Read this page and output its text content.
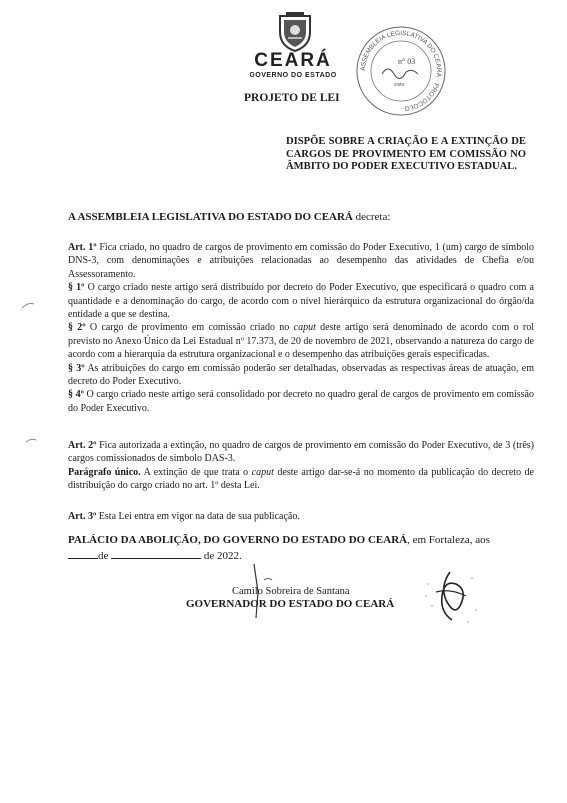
CEARÁ
GOVERNO DO ESTADO
PROJETO DE LEI
ASSEMBLEIA LEGISLATIVA DO CEARÁ · PROTOCOLO ·
n° 03
visto
DISPÕE SOBRE A CRIAÇÃO E A EXTINÇÃO DE CARGOS DE PROVIMENTO EM COMISSÃO NO ÂMBITO DO PODER EXECUTIVO ESTADUAL.
A ASSEMBLEIA LEGISLATIVA DO ESTADO DO CEARÁ decreta:

Art. 1º Fica criado, no quadro de cargos de provimento em comissão do Poder Executivo, 1 (um) cargo de símbolo DNS-3, com denominações e atribuições relacionadas ao desempenho das atividades de Chefia e/ou Assessoramento.

§ 1º O cargo criado neste artigo será distribuído por decreto do Poder Executivo, que especificará o quadro com a quantidade e a denominação do cargo, de acordo com o nível hierárquico da estrutura organizacional do órgão/da entidade a que se destina.

§ 2º O cargo de provimento em comissão criado no caput deste artigo será denominado de acordo com o rol previsto no Anexo Único da Lei Estadual nº 17.373, de 20 de novembro de 2021, observando a natureza do cargo de acordo com a hierarquia da estrutura organizacional e o desempenho das atribuições gerais especificadas.

§ 3º As atribuições do cargo em comissão poderão ser detalhadas, observadas as respectivas áreas de atuação, em decreto do Poder Executivo.

§ 4º O cargo criado neste artigo será consolidado por decreto no quadro geral de cargos de provimento em comissão do Poder Executivo.

Art. 2º Fica autorizada a extinção, no quadro de cargos de provimento em comissão do Poder Executivo, de 3 (três) cargos comissionados de símbolo DAS-3.

Parágrafo único. A extinção de que trata o caput deste artigo dar-se-á no momento da publicação do decreto de distribuição do cargo criado no art. 1º desta Lei.

Art. 3º Esta Lei entra em vigor na data de sua publicação.

PALÁCIO DA ABOLIÇÃO, DO GOVERNO DO ESTADO DO CEARÁ, em Fortaleza, aos
de	de 2022.
Camilo Sobreira de Santana
GOVERNADOR DO ESTADO DO CEARÁ
